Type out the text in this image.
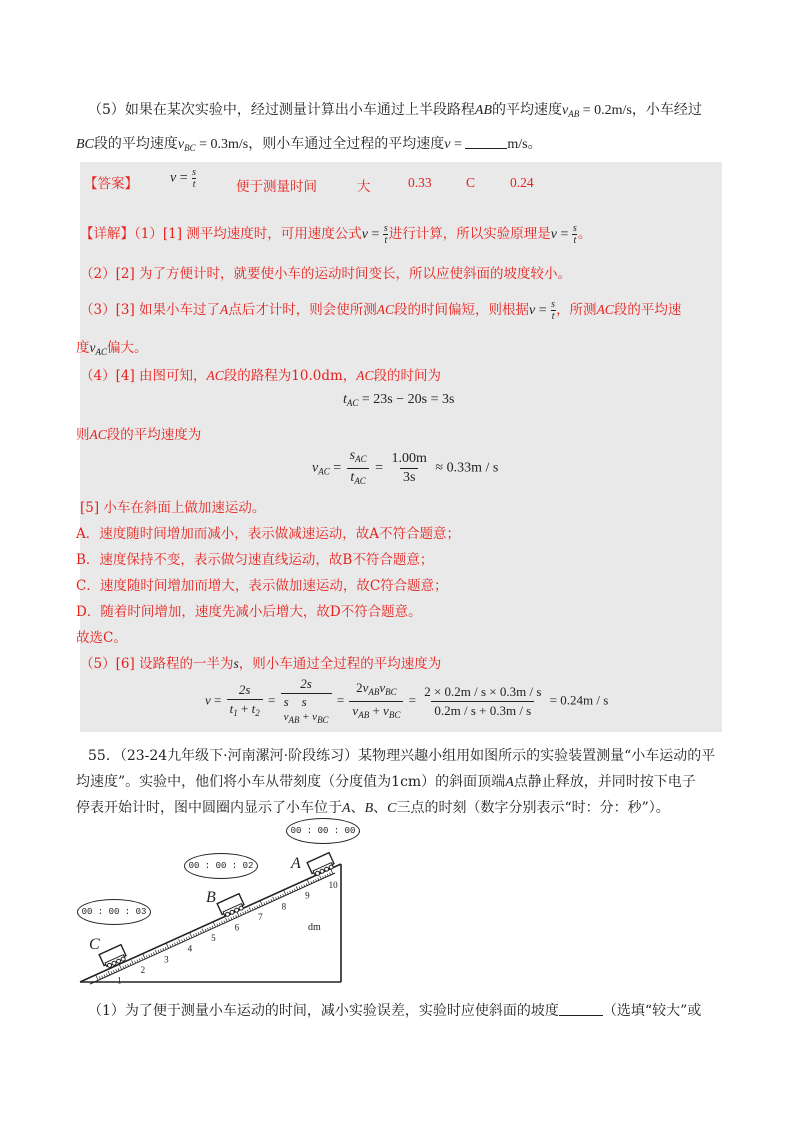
（5）如果在某次实验中，经过测量计算出小车通过上半段路程AB的平均速度$v_{AB} = 0.2m/s$，小车经过
BC段的平均速度$v_{BC} = 0.3m/s$，则小车通过全过程的平均速度v =	m/s。
【答案】 $v = \frac{s}{t}$	便于测量时间	大	0.33	C	0.24
【详解】（1）[1] 测平均速度时，可用速度公式$v = \frac{s}{t}$ 进行计算，所以实验原理是$v = \frac{s}{t}$ 。
（2）[2] 为了方便计时，就要使小车的运动时间变长，所以应使斜面的坡度较小。
（3）[3] 如果小车过了A点后才计时，则会使所测AC段的时间偏短，则根据$v = \frac{s}{t}$ ，所测AC段的平均速
度$v_{AC}$偏大。
（4）[4] 由图可知，AC段的路程为10.0dm，AC段的时间为
$t_{AC} = 23s - 20s = 3s$
则AC段的平均速度为
$v_{AC}$ =
$s_{AC}$
$t_{AC}$
= $\frac{1.00m}{3s} \approx 0.33m / s$
[5] 小车在斜面上做加速运动。
A．速度随时间增加而减小，表示做减速运动，故A不符合题意；
B．速度保持不变，表示做匀速直线运动，故B不符合题意；
C．速度随时间增加而增大，表示做加速运动，故C符合题意；
D．随着时间增加，速度先减小后增大，故D不符合题意。
故选C。
（5）[6] 设路程的一半为s，则小车通过全过程的平均速度为
$v = \frac{2s}{t_1 + t_2}$ =
2s
s s
$v_{AB} + v_{BC}$
=
$2v_{AB}v_{BC}$
$v_{AB} + v_{BC}$
= $\frac{2 \times 0.2m / s \times 0.3m / s}{0.2m / s + 0.3m / s} = 0.24m / s$
55．（23-24九年级下·河南漯河·阶段练习）某物理兴趣小组用如图所示的实验装置测量“小车运动的平
均速度”。实验中，他们将小车从带刻度（分度值为1cm）的斜面顶端A点静止释放，并同时按下电子
停表开始计时，图中圆圈内显示了小车位于A、B、C三点的时刻（数字分别表示“时：分：秒”）。
00 : 00 : 00
00 : 00 : 02
00 : 00 : 03
1
2
3
4
5
6
7
8
9
10
A
B
C
dm
（1）为了便于测量小车运动的时间，减小实验误差，实验时应使斜面的坡度	（选填“较大”或
